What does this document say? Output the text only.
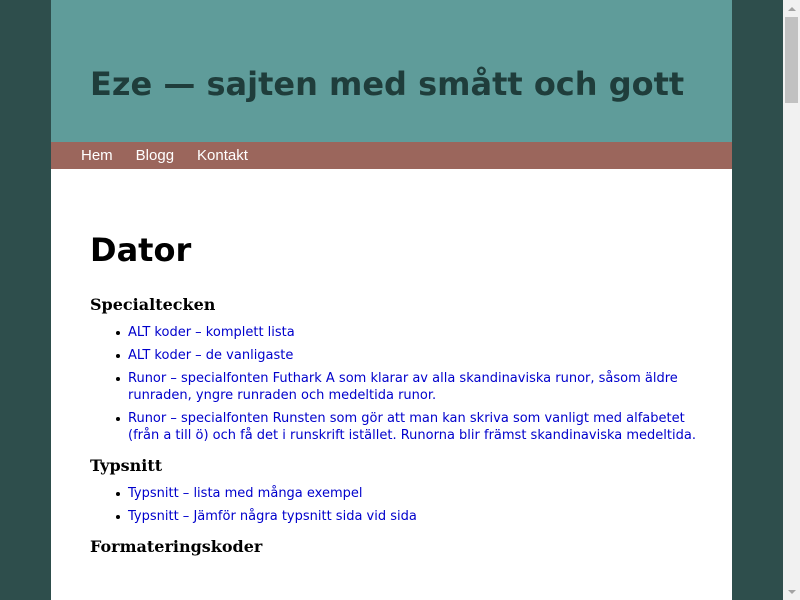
Eze — sajten med smått och gott
Hem Blogg Kontakt
Dator
Specialtecken
ALT koder – komplett lista
ALT koder – de vanligaste
Runor – specialfonten Futhark A som klarar av alla skandinaviska runor, såsom äldre runraden, yngre runraden och medeltida runor.
Runor – specialfonten Runsten som gör att man kan skriva som vanligt med alfabetet (från a till ö) och få det i runskrift istället. Runorna blir främst skandinaviska medeltida.
Typsnitt
Typsnitt – lista med många exempel
Typsnitt – Jämför några typsnitt sida vid sida
Formateringskoder
